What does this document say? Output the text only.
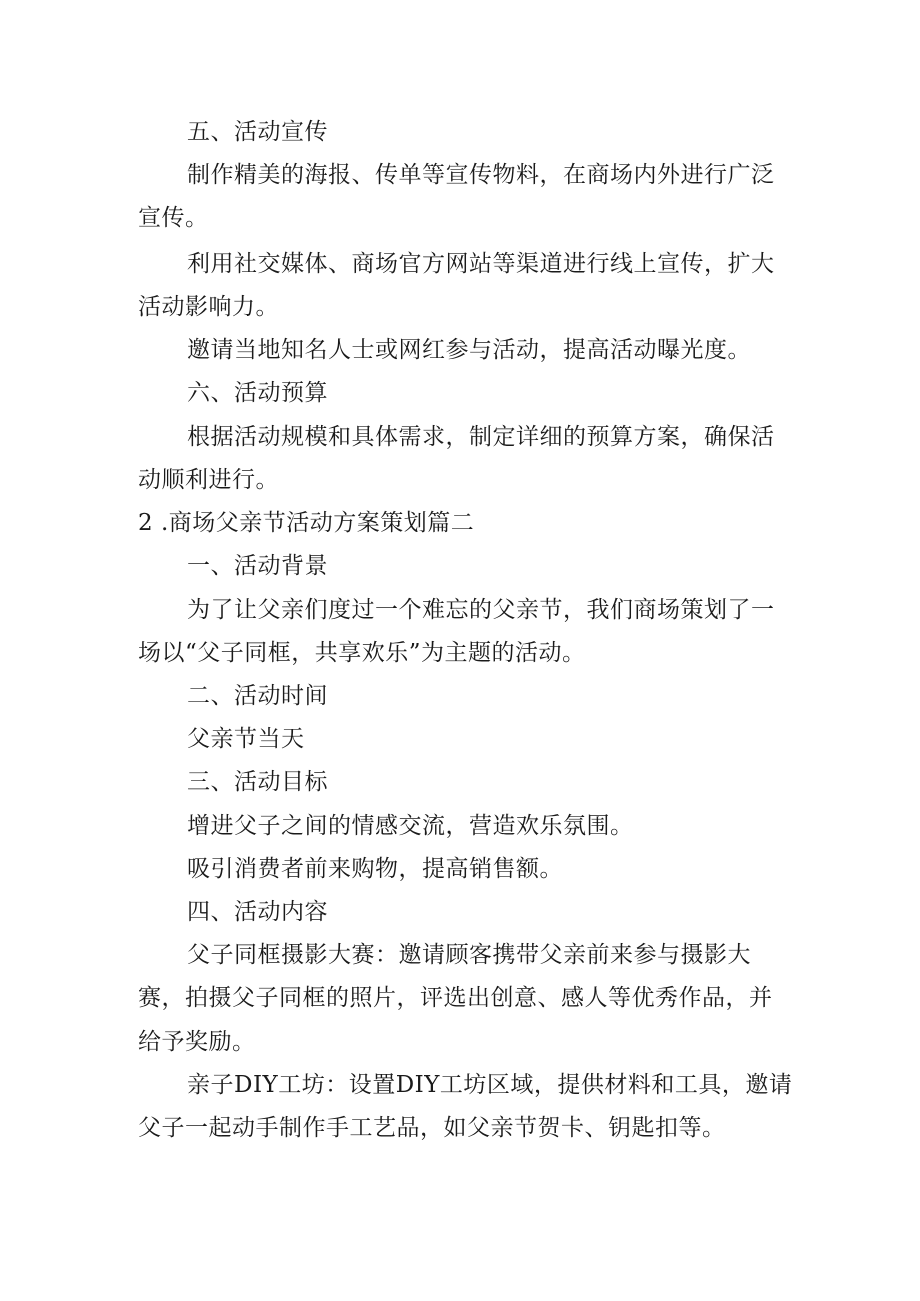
五、活动宣传
制作精美的海报、传单等宣传物料，在商场内外进行广泛
宣传。
利用社交媒体、商场官方网站等渠道进行线上宣传，扩大
活动影响力。
邀请当地知名人士或网红参与活动，提高活动曝光度。
六、活动预算
根据活动规模和具体需求，制定详细的预算方案，确保活
动顺利进行。
2 .商场父亲节活动方案策划篇二
一、活动背景
为了让父亲们度过一个难忘的父亲节，我们商场策划了一
场以“父子同框，共享欢乐”为主题的活动。
二、活动时间
父亲节当天
三、活动目标
增进父子之间的情感交流，营造欢乐氛围。
吸引消费者前来购物，提高销售额。
四、活动内容
父子同框摄影大赛：邀请顾客携带父亲前来参与摄影大
赛，拍摄父子同框的照片，评选出创意、感人等优秀作品，并
给予奖励。
亲子DIY工坊：设置DIY工坊区域，提供材料和工具，邀请
父子一起动手制作手工艺品，如父亲节贺卡、钥匙扣等。
